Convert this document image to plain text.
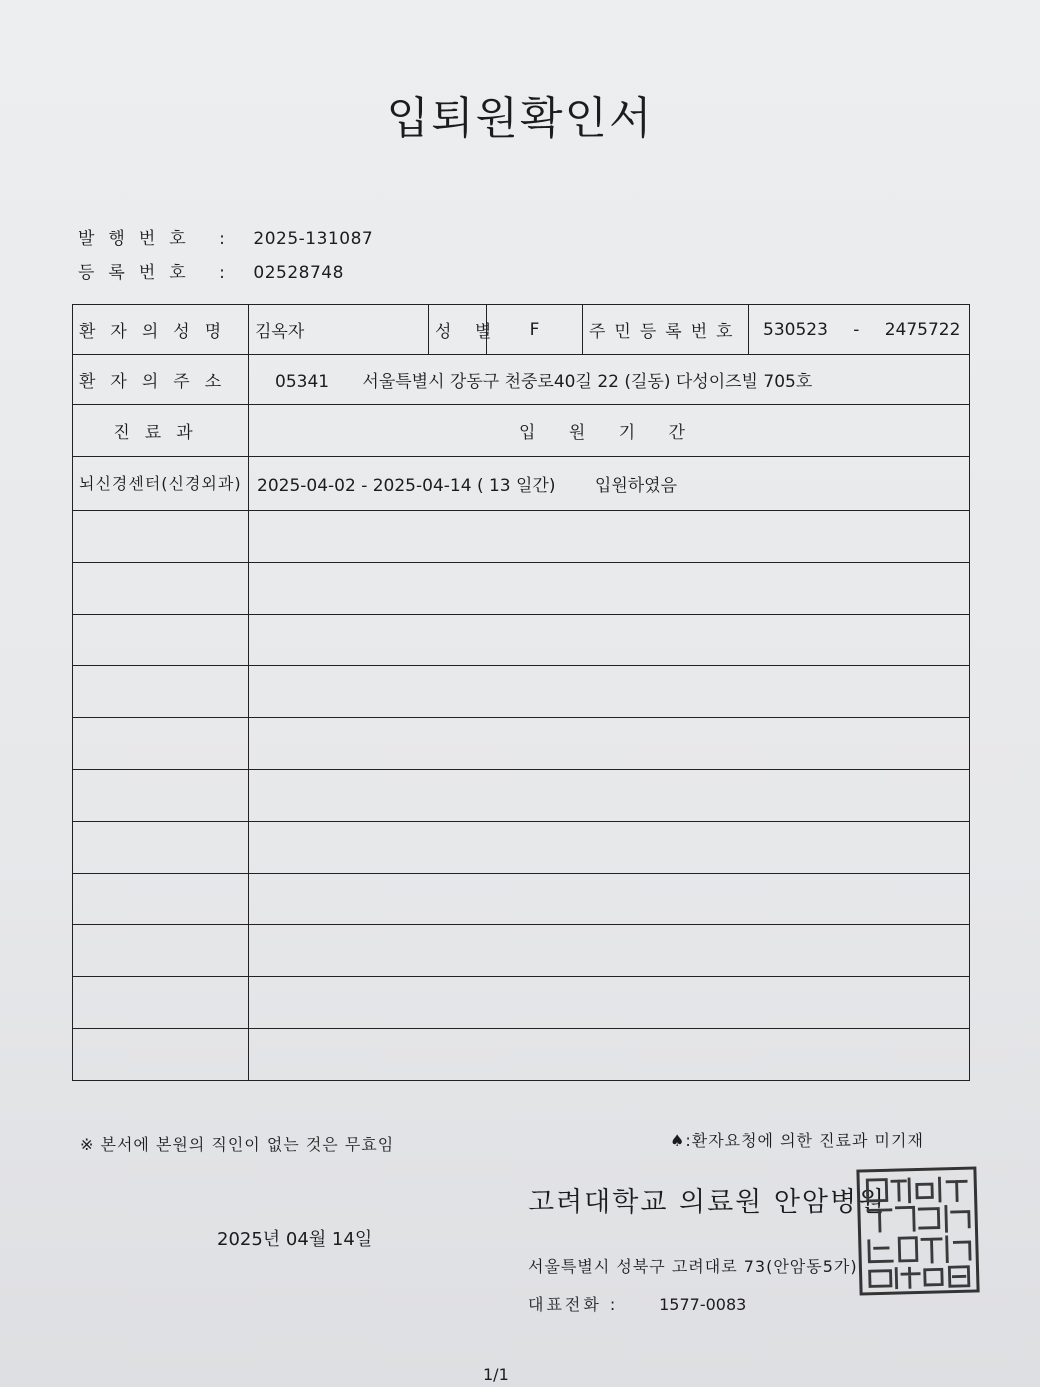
입퇴원확인서
발행번호 : 2025-131087
등록번호 : 02528748
환자의성명	김옥자	성 별	F	주민등록번호	530523 - 2475722
환자의주소	05341 서울특별시 강동구 천중로40길 22 (길동) 다성이즈빌 705호				
진료과	입 원 기 간				
뇌신경센터(신경외과)	2025-04-02 - 2025-04-14 ( 13 일간) 입원하였음				

※ 본서에 본원의 직인이 없는 것은 무효임	♠:환자요청에 의한 진료과 미기재
고려대학교 의료원 안암병원
2025년 04월 14일
서울특별시 성북구 고려대로 73(안암동5가)
대표전화 :	1577-0083
1/1
